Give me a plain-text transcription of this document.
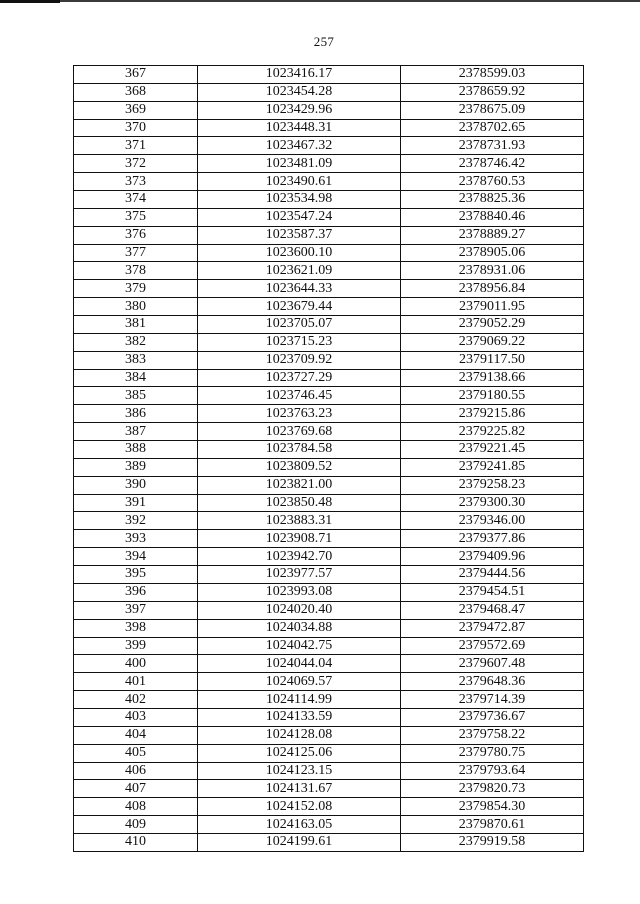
257
367	1023416.17	2378599.03
368	1023454.28	2378659.92
369	1023429.96	2378675.09
370	1023448.31	2378702.65
371	1023467.32	2378731.93
372	1023481.09	2378746.42
373	1023490.61	2378760.53
374	1023534.98	2378825.36
375	1023547.24	2378840.46
376	1023587.37	2378889.27
377	1023600.10	2378905.06
378	1023621.09	2378931.06
379	1023644.33	2378956.84
380	1023679.44	2379011.95
381	1023705.07	2379052.29
382	1023715.23	2379069.22
383	1023709.92	2379117.50
384	1023727.29	2379138.66
385	1023746.45	2379180.55
386	1023763.23	2379215.86
387	1023769.68	2379225.82
388	1023784.58	2379221.45
389	1023809.52	2379241.85
390	1023821.00	2379258.23
391	1023850.48	2379300.30
392	1023883.31	2379346.00
393	1023908.71	2379377.86
394	1023942.70	2379409.96
395	1023977.57	2379444.56
396	1023993.08	2379454.51
397	1024020.40	2379468.47
398	1024034.88	2379472.87
399	1024042.75	2379572.69
400	1024044.04	2379607.48
401	1024069.57	2379648.36
402	1024114.99	2379714.39
403	1024133.59	2379736.67
404	1024128.08	2379758.22
405	1024125.06	2379780.75
406	1024123.15	2379793.64
407	1024131.67	2379820.73
408	1024152.08	2379854.30
409	1024163.05	2379870.61
410	1024199.61	2379919.58
